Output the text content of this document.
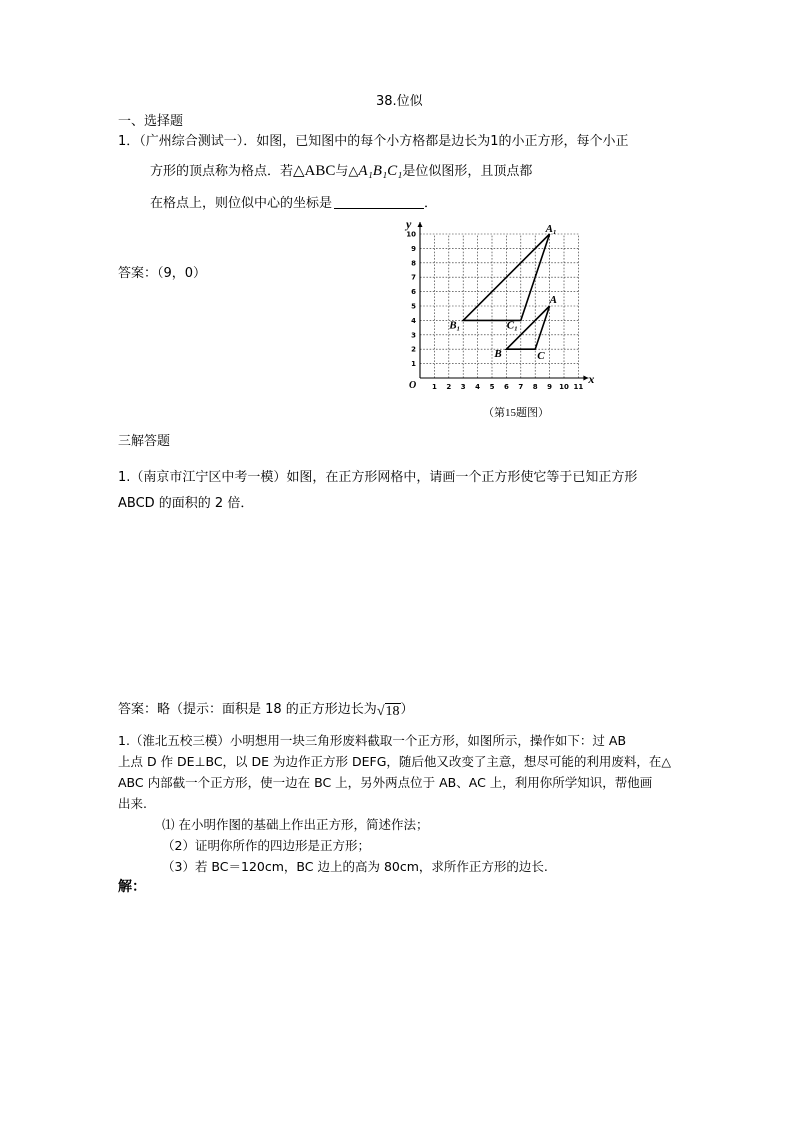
38.位似
一、选择题
1．（广州综合测试一）．如图，已知图中的每个小方格都是边长为1的小正方形，每个小正
方形的顶点称为格点．若△ABC与△A₁B₁C₁是位似图形，且顶点都
在格点上，则位似中心的坐标是	．
答案：（9，0）
x
y
O 1 2 3 4 5 6 7 8 9 10 11
1
2
3
4
5
6
7
8
9
10	A₁
B₁	C₁
A
B	C
（第15题图）
三解答题
1.（南京市江宁区中考一模）如图，在正方形网格中，请画一个正方形使它等于已知正方形
ABCD 的面积的 2 倍．
答案：略（提示：面积是 18 的正方形边长为√18）
1.（淮北五校三模）小明想用一块三角形废料截取一个正方形，如图所示，操作如下：过 AB
上点 D 作 DE⊥BC，以 DE 为边作正方形 DEFG，随后他又改变了主意，想尽可能的利用废料，在△
ABC 内部截一个正方形，使一边在 BC 上，另外两点位于 AB、AC 上，利用你所学知识，帮他画
出来.
⑴ 在小明作图的基础上作出正方形，简述作法；
（2）证明你所作的四边形是正方形；
（3）若 BC＝120cm，BC 边上的高为 80cm，求所作正方形的边长.
解：
